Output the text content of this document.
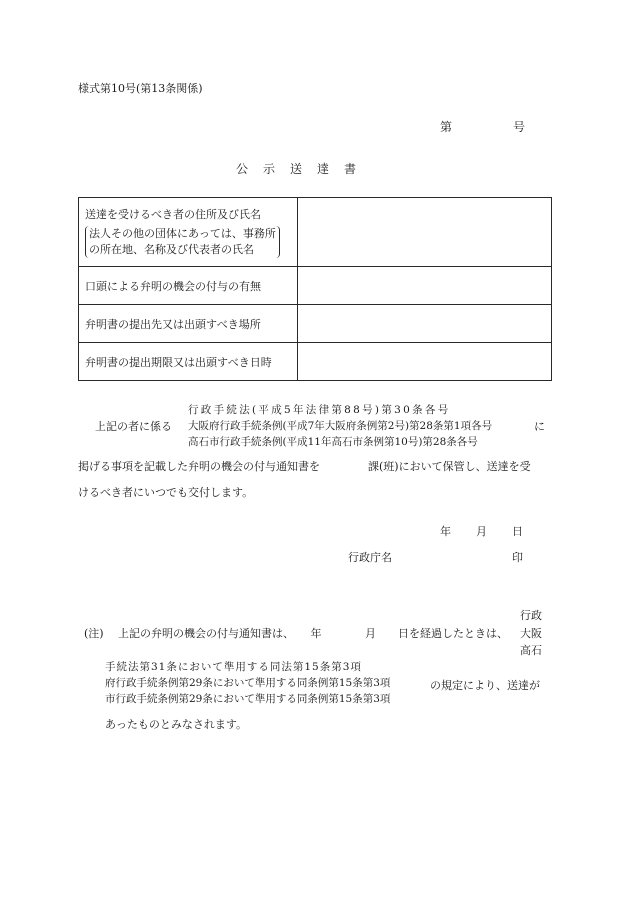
様式第10号(第13条関係)
第	号
公示送達書
送達を受けるべき者の住所及び氏名
法人その他の団体にあっては、事務所
の所在地、名称及び代表者の氏名	

口頭による弁明の機会の付与の有無	
弁明書の提出先又は出頭すべき場所	
弁明書の提出期限又は出頭すべき日時	
上記の者に係る
行政手続法(平成5年法律第88号)第30条各号
大阪府行政手続条例(平成7年大阪府条例第2号)第28条第1項各号
高石市行政手続条例(平成11年高石市条例第10号)第28条各号
に
掲げる事項を記載した弁明の機会の付与通知書を	課(班)において保管し、送達を受
けるべき者にいつでも交付します。
年 月 日
行政庁名	印
(注) 上記の弁明の機会の付与通知書は、　　年	月 日を経過したときは、
行政
大阪
高石
手続法第31条において準用する同法第15条第3項
府行政手続条例第29条において準用する同条例第15条第3項
市行政手続条例第29条において準用する同条例第15条第3項
の規定により、送達が
あったものとみなされます。
